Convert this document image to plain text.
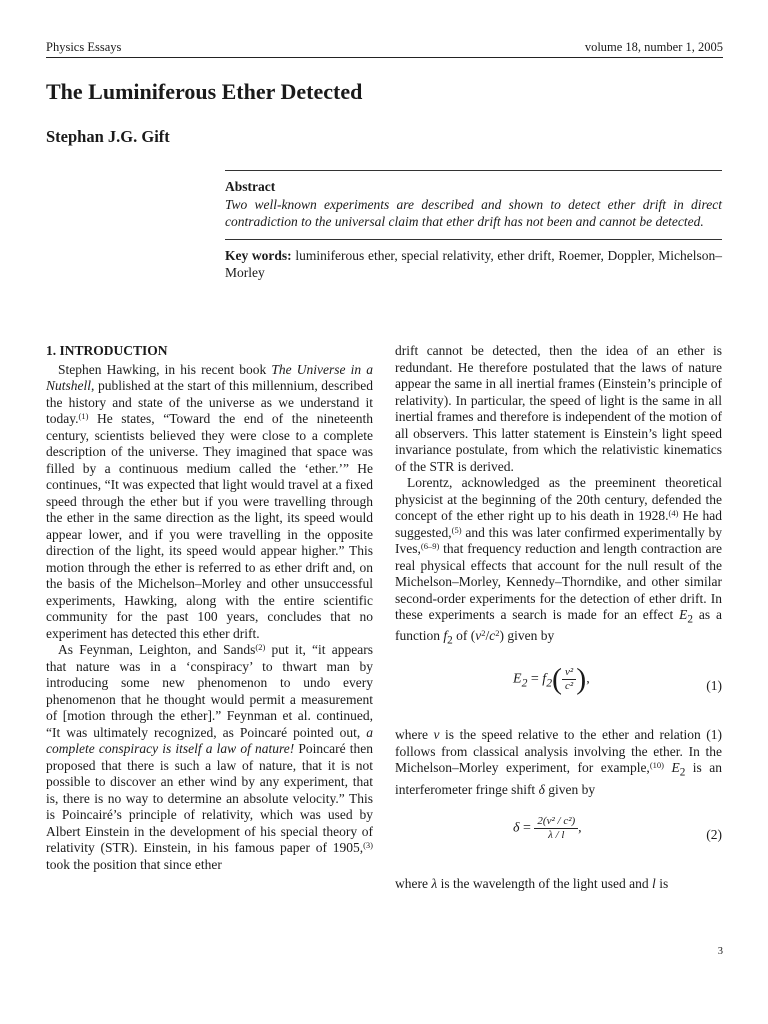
Physics Essays	volume 18, number 1, 2005
The Luminiferous Ether Detected
Stephan J.G. Gift
Abstract
Two well-known experiments are described and shown to detect ether drift in direct contradiction to the universal claim that ether drift has not been and cannot be detected.
Key words: luminiferous ether, special relativity, ether drift, Roemer, Doppler, Michelson–Morley
1. INTRODUCTION

Stephen Hawking, in his recent book The Universe in a Nutshell, published at the start of this millennium, described the history and state of the universe as we understand it today.$^{(1)}$ He states, “Toward the end of the nineteenth century, scientists believed they were close to a complete description of the universe. They imagined that space was filled by a continuous medium called the ‘ether.’” He continues, “It was expected that light would travel at a fixed speed through the ether but if you were travelling through the ether in the same direction as the light, its speed would appear lower, and if you were travelling in the opposite direction of the light, its speed would appear higher.” This motion through the ether is referred to as ether drift and, on the basis of the Michelson–Morley and other unsuccessful experiments, Hawking, along with the entire scientific community for the past 100 years, concludes that no experiment has detected this ether drift.

As Feynman, Leighton, and Sands$^{(2)}$ put it, “it appears that nature was in a ‘conspiracy’ to thwart man by introducing some new phenomenon to undo every phenomenon that he thought would permit a measurement of [motion through the ether].” Feynman et al. continued, “It was ultimately recognized, as Poincaré pointed out, a complete conspiracy is itself a law of nature! Poincaré then proposed that there is such a law of nature, that it is not possible to discover an ether wind by any experiment, that is, there is no way to determine an absolute velocity.” This is Poincairé’s principle of relativity, which was used by Albert Einstein in the development of his special theory of relativity (STR). Einstein, in his famous paper of 1905,$^{(3)}$ took the position that since ether

drift cannot be detected, then the idea of an ether is redundant. He therefore postulated that the laws of nature appear the same in all inertial frames (Einstein’s principle of relativity). In particular, the speed of light is the same in all inertial frames and therefore is independent of the motion of all observers. This latter statement is Einstein’s light speed invariance postulate, from which the relativistic kinematics of the STR is derived.

Lorentz, acknowledged as the preeminent theoretical physicist at the beginning of the 20th century, defended the concept of the ether right up to his death in 1928.$^{(4)}$ He had suggested,$^{(5)}$ and this was later confirmed experimentally by Ives,$^{(6-9)}$ that frequency reduction and length contraction are real physical effects that account for the null result of the Michelson–Morley, Kennedy–Thorndike, and other similar second-order experiments for the detection of ether drift. In these experiments a search is made for an effect $E_2$ as a function $f_2$ of $(v^2/c^2)$ given by

$E_2 = f_2( \frac{\text{v²}}{\text{c²}}$ ),	(1)

where v is the speed relative to the ether and relation (1) follows from classical analysis involving the ether. In the Michelson–Morley experiment, for example,$^{(10)}$ $E_2$ is an interferometer fringe shift δ given by

$\delta = \frac{\text{2(v² / c²)}}{\lambda / l}$ ,	(2)

where λ is the wavelength of the light used and l is

3
